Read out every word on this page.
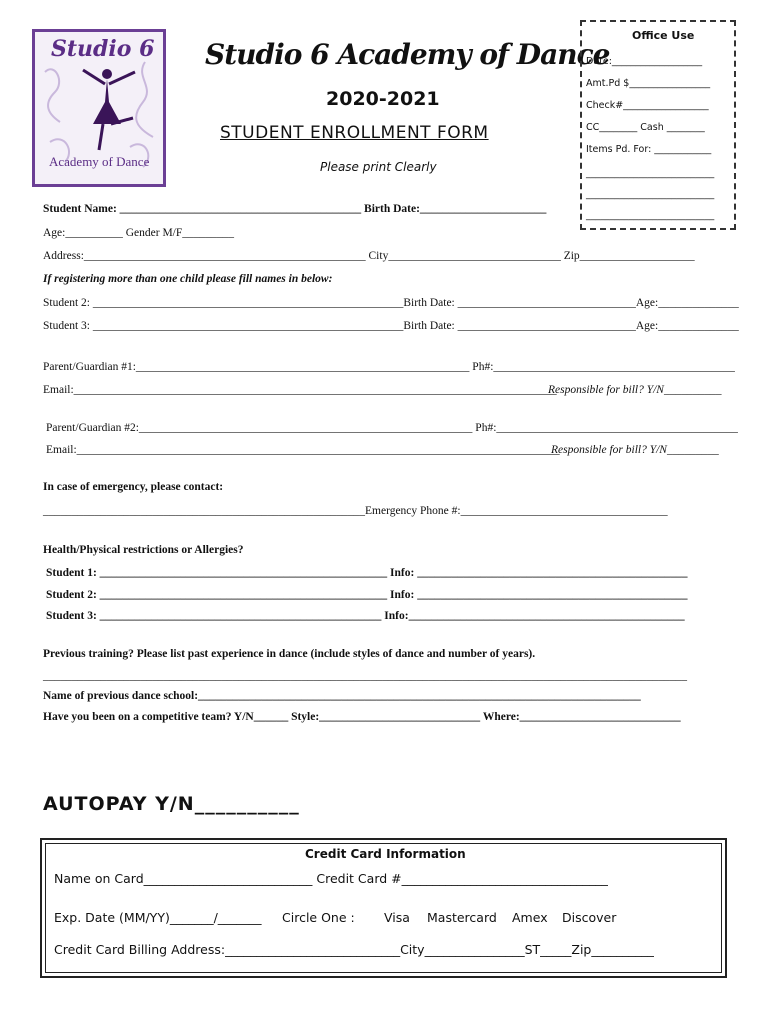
Studio 6
Academy of Dance
Studio 6 Academy of Dance
2020-2021
STUDENT ENROLLMENT FORM
Please print Clearly
Office Use
Date:___________________
Amt.Pd $_________________
Check#__________________
CC________ Cash ________
Items Pd. For: ____________
___________________________
___________________________
___________________________
Student Name: __________________________________________ Birth Date:______________________
Age:__________ Gender M/F_________
Address:_________________________________________________ City______________________________ Zip____________________
If registering more than one child please fill names in below:
Student 2: ______________________________________________________Birth Date: _______________________________Age:______________
Student 3: ______________________________________________________Birth Date: _______________________________Age:______________
Parent/Guardian #1:__________________________________________________________ Ph#:__________________________________________
Email:____________________________________________________________________________________
Responsible for bill? Y/N__________
Parent/Guardian #2:__________________________________________________________ Ph#:__________________________________________
Email:____________________________________________________________________________________
Responsible for bill? Y/N_________
In case of emergency, please contact:
________________________________________________________Emergency Phone #:____________________________________
Health/Physical restrictions or Allergies?
Student 1: __________________________________________________ Info: _______________________________________________
Student 2: __________________________________________________ Info: _______________________________________________
Student 3: _________________________________________________ Info:________________________________________________
Previous training? Please list past experience in dance (include styles of dance and number of years).
________________________________________________________________________________________________________________
Name of previous dance school:_____________________________________________________________________________
Have you been on a competitive team? Y/N______ Style:____________________________ Where:____________________________
AUTOPAY Y/N__________
Credit Card Information
Name on Card___________________________ Credit Card #_________________________________
Exp. Date (MM/YY)_______/_______ Circle One : Visa Mastercard Amex Discover
Credit Card Billing Address:____________________________City________________ST_____Zip__________
